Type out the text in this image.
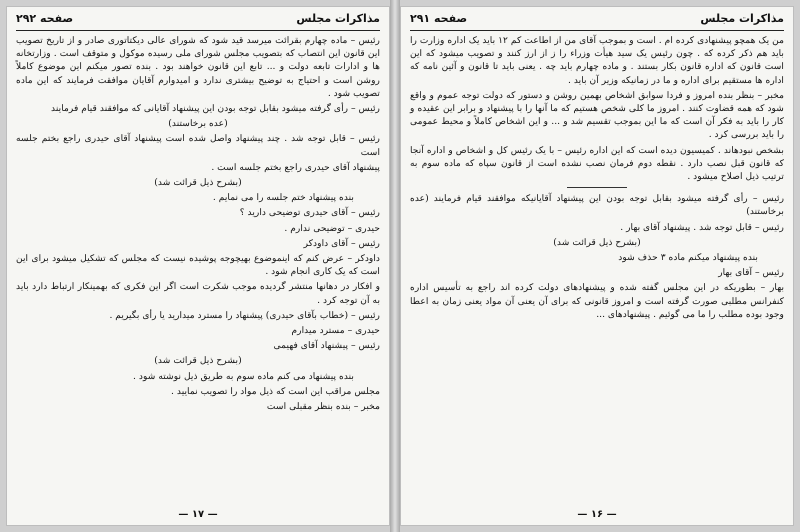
مذاکرات مجلس
صفحه ۲۹۲

رئیس – ماده چهارم بقرائت میرسد قید شود که شورای عالی دیکتاتوری صادر و از تاریخ تصویب این قانون این انتصاب که بتصویب مجلس شورای ملی رسیده موکول و متوقف است . وزارتخانه ها و ادارات تابعه دولت و ... تابع این قانون خواهند بود . بنده تصور میکنم این موضوع کاملاً روشن است و احتیاج به توضیح بیشتری ندارد و امیدوارم آقایان موافقت فرمایند که این ماده تصویب شود .

رئیس – رأی گرفته میشود بقابل توجه بودن این پیشنهاد آقایانی که موافقند قیام فرمایند

(عده برخاستند)

رئیس – قابل توجه شد . چند پیشنهاد واصل شده است پیشنهاد آقای حیدری راجع بختم جلسه است

پیشنهاد آقای حیدری راجع بختم جلسه است .

(بشرح ذیل قرائت شد)

بنده پیشنهاد ختم جلسه را می نمایم .

رئیس – آقای حیدری توضیحی دارید ؟

حیدری – توضیحی ندارم .

رئیس – آقای داودکر

داودکر – عرض کنم که اینموضوع بهیچوجه پوشیده نیست که مجلس که تشکیل میشود برای این است که یک کاری انجام شود .

و افکار در دهانها منتشر گردیده موجب شکرت است اگر این فکری که بهمینکار ارتباط دارد باید به آن توجه کرد .

رئیس – (خطاب بآقای حیدری) پیشنهاد را مسترد میدارید یا رأی بگیریم .

حیدری – مسترد میدارم

رئیس – پیشنهاد آقای فهیمی

(بشرح ذیل قرائت شد)

بنده پیشنهاد می کنم ماده سوم به طریق ذیل نوشته شود .

مجلس مراقب این است که ذیل مواد را تصویب نمایید .

مخبر – بنده بنظر مقبلی است

— ۱۷ —
مذاکرات مجلس
صفحه ۲۹۱

من یک همچو پیشنهادی کرده ام . است و بموجب آقای من از اطاعت کم ۱۲ باید یک اداره وزارت را باید هم ذکر کرده که . چون رئیس یک سید هیأت وزراء را ز از ارز کنند و تصویب میشود که این است قانون که اداره قانون بکار بستند . و ماده چهارم باید چه . یعنی باید تا قانون و آئین نامه که اداره ها مستقیم برای اداره و ما در زمانیکه وزیر آن باید .

مخبر – بنظر بنده امروز و فردا سوابق اشخاص بهمین روشن و دستور که دولت توجه عموم و واقع شود که همه قضاوت کنند . امروز ما کلی شخص هستیم که ما آنها را با پیشنهاد و برابر این عقیده و کار را باید به فکر آن است که ما این بموجب تقسیم شد و ... و این اشخاص کاملاً و محیط عمومی را باید بررسی کرد .

بشخص نبودهاند . کمیسیون دیده است که این اداره رئیس – با یک رئیس کل و اشخاص و اداره آنجا که قانون قبل نصب دارد . نقطه دوم فرمان نصب نشده است از قانون سپاه که ماده سوم به ترتیب ذیل اصلاح میشود .

رئیس – رأی گرفته میشود بقابل توجه بودن این پیشنهاد آقایانیکه موافقند قیام فرمایند (عده برخاستند)

رئیس – قابل توجه شد . پیشنهاد آقای بهار .

(بشرح ذیل قرائت شد)

بنده پیشنهاد میکنم ماده ۳ حذف شود

رئیس – آقای بهار

بهار – بطوریکه در این مجلس گفته شده و پیشنهادهای دولت کرده اند راجع به تأسیس اداره کنفرانس مطلبی صورت گرفته است و امروز قانونی که برای آن یعنی آن مواد یعنی زمان به اعطا وجود بوده مطلب را ما می گوئیم . پیشنهادهای ...

— ۱۶ —
